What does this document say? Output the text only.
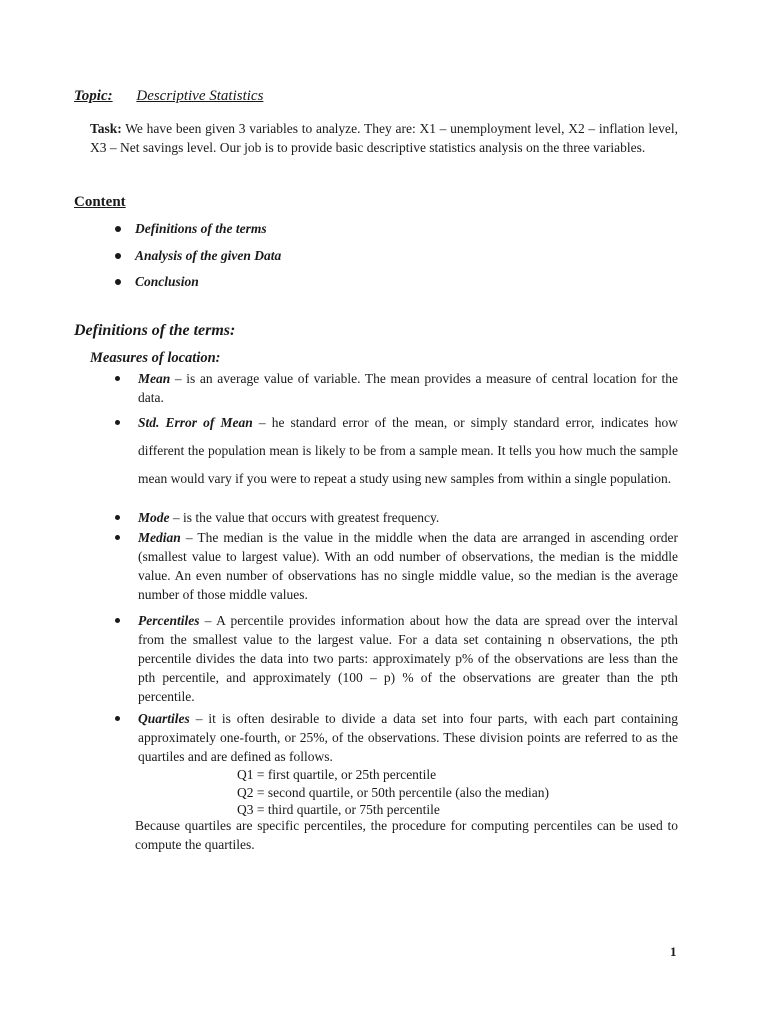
Topic: Descriptive Statistics
Task: We have been given 3 variables to analyze. They are: X1 – unemployment level, X2 – inflation level, X3 – Net savings level. Our job is to provide basic descriptive statistics analysis on the three variables.
Content
Definitions of the terms
Analysis of the given Data
Conclusion
Definitions of the terms:
Measures of location:
Mean – is an average value of variable. The mean provides a measure of central location for the data.
Std. Error of Mean – he standard error of the mean, or simply standard error, indicates how different the population mean is likely to be from a sample mean. It tells you how much the sample mean would vary if you were to repeat a study using new samples from within a single population.
Mode – is the value that occurs with greatest frequency.
Median – The median is the value in the middle when the data are arranged in ascending order (smallest value to largest value). With an odd number of observations, the median is the middle value. An even number of observations has no single middle value, so the median is the average number of those middle values.
Percentiles – A percentile provides information about how the data are spread over the interval from the smallest value to the largest value. For a data set containing n observations, the pth percentile divides the data into two parts: approximately p% of the observations are less than the pth percentile, and approximately (100 – p) % of the observations are greater than the pth percentile.
Quartiles – it is often desirable to divide a data set into four parts, with each part containing approximately one-fourth, or 25%, of the observations. These division points are referred to as the quartiles and are defined as follows.
Q1 = first quartile, or 25th percentile
Q2 = second quartile, or 50th percentile (also the median)
Q3 = third quartile, or 75th percentile
Because quartiles are specific percentiles, the procedure for computing percentiles can be used to compute the quartiles.
1
